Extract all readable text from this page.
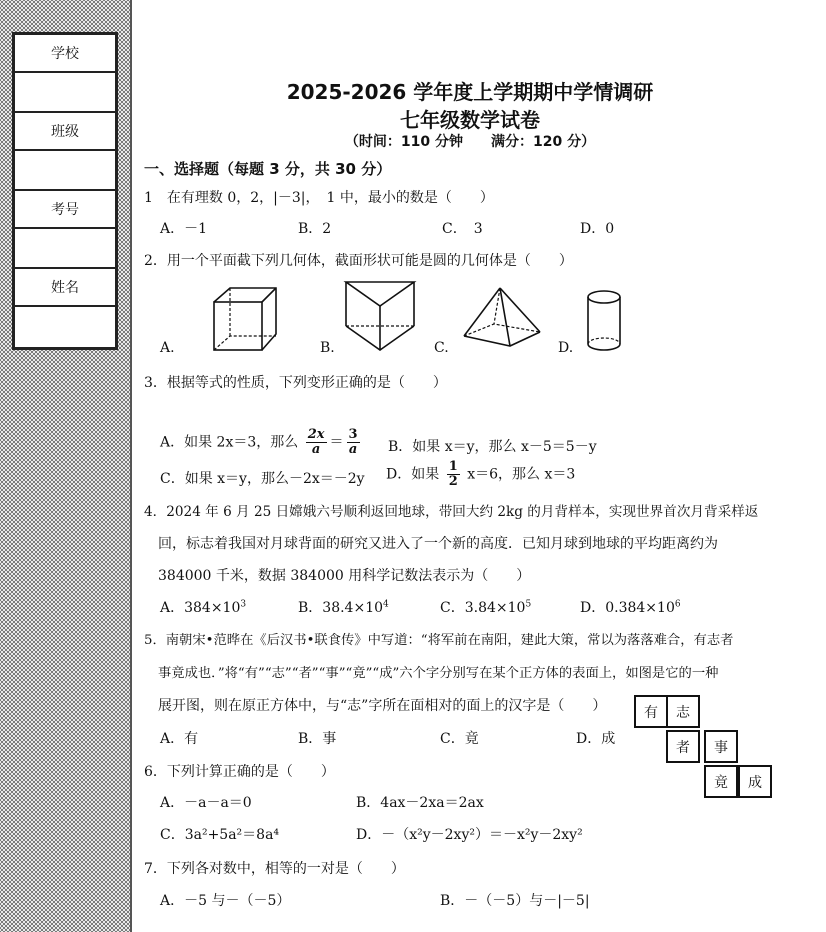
学校
班级
考号
姓名
2025-2026 学年度上学期期中学情调研
七年级数学试卷
（时间：110 分钟　　满分：120 分）
一、选择题（每题 3 分，共 30 分）
1　在有理数 0，2，|－3|，　1 中，最小的数是（　　）
A．－1	B．2	C．　3	D．0
2．用一个平面截下列几何体，截面形状可能是圆的几何体是（　　）
A.	B.	C.	D.
3．根据等式的性质，下列变形正确的是（　　）
A．如果 2x＝3，那么 $\frac{2x}{a} = \frac{3}{a}$ B．如果 x＝y，那么 x－5＝5－y
C．如果 x＝y，那么－2x＝－2y D．如果 $\frac{1}{2} x=6$，那么 x＝3
4．2024 年 6 月 25 日嫦娥六号顺利返回地球，带回大约 2kg 的月背样本，实现世界首次月背采样返
回，标志着我国对月球背面的研究又进入了一个新的高度．已知月球到地球的平均距离约为
384000 千米，数据 384000 用科学记数法表示为（　　）
A．$384\times 10^3$	B．$38.4\times 10^4$	C．$3.84\times 10^5$	D．$0.384\times 10^6$
5．南朝宋•范晔在《后汉书•联食传》中写道：“将军前在南阳，建此大策，常以为落落难合，有志者
事竟成也．”将“有”“志”“者”“事”“竟”“成”六个字分别写在某个正方体的表面上，如图是它的一种
展开图，则在原正方体中，与“志”字所在面相对的面上的汉字是（　　）
A．有	B．事	C．竟	D．成
有	志
者	事
竟	成
6．下列计算正确的是（　　）
A．－a－a＝0	B．4ax－2xa＝2ax
C．3a²+5a²＝8a⁴	D．－（x²y－2xy²）＝－x²y－2xy²
7．下列各对数中，相等的一对是（　　）
A．－5 与－（－5）	B．－（－5）与－|－5|
